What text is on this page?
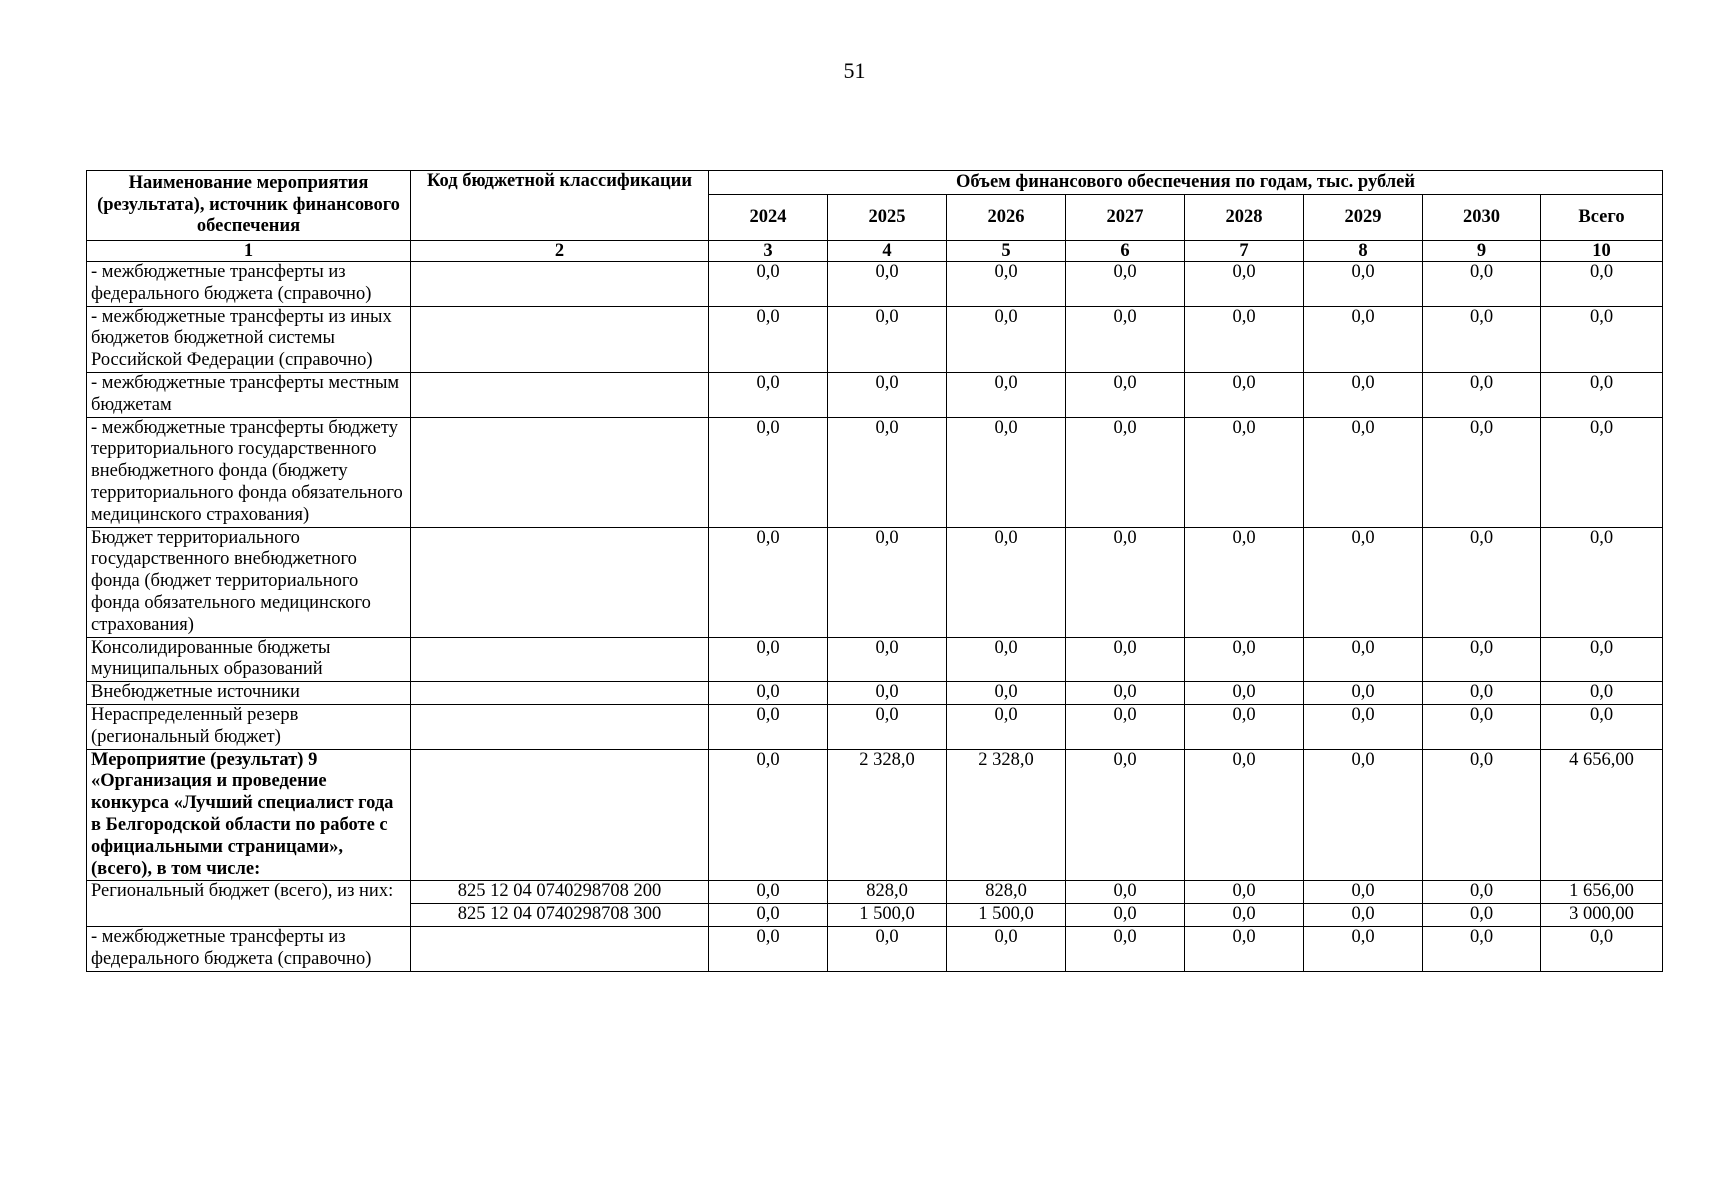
51
Наименование мероприятия (результата), источник финансового обеспечения	Код бюджетной классификации	Объем финансового обеспечения по годам, тыс. рублей							
		2024	2025	2026	2027	2028	2029	2030	Всего
1	2	3	4	5	6	7	8	9	10
- межбюджетные трансферты из федерального бюджета (справочно)		0,0	0,0	0,0	0,0	0,0	0,0	0,0	0,0
- межбюджетные трансферты из иных бюджетов бюджетной системы Российской Федерации (справочно)		0,0	0,0	0,0	0,0	0,0	0,0	0,0	0,0
- межбюджетные трансферты местным бюджетам		0,0	0,0	0,0	0,0	0,0	0,0	0,0	0,0
- межбюджетные трансферты бюджету территориального государственного внебюджетного фонда (бюджету территориального фонда обязательного медицинского страхования)		0,0	0,0	0,0	0,0	0,0	0,0	0,0	0,0
Бюджет территориального государственного внебюджетного фонда (бюджет территориального фонда обязательного медицинского страхования)		0,0	0,0	0,0	0,0	0,0	0,0	0,0	0,0
Консолидированные бюджеты муниципальных образований		0,0	0,0	0,0	0,0	0,0	0,0	0,0	0,0
Внебюджетные источники		0,0	0,0	0,0	0,0	0,0	0,0	0,0	0,0
Нераспределенный резерв (региональный бюджет)		0,0	0,0	0,0	0,0	0,0	0,0	0,0	0,0
Мероприятие (результат) 9 «Организация и проведение конкурса «Лучший специалист года в Белгородской области по работе с официальными страницами», (всего), в том числе:		0,0	2 328,0	2 328,0	0,0	0,0	0,0	0,0	4 656,00
Региональный бюджет (всего), из них:	825 12 04 0740298708 200	0,0	828,0	828,0	0,0	0,0	0,0	0,0	1 656,00
	825 12 04 0740298708 300	0,0	1 500,0	1 500,0	0,0	0,0	0,0	0,0	3 000,00
- межбюджетные трансферты из федерального бюджета (справочно)		0,0	0,0	0,0	0,0	0,0	0,0	0,0	0,0
